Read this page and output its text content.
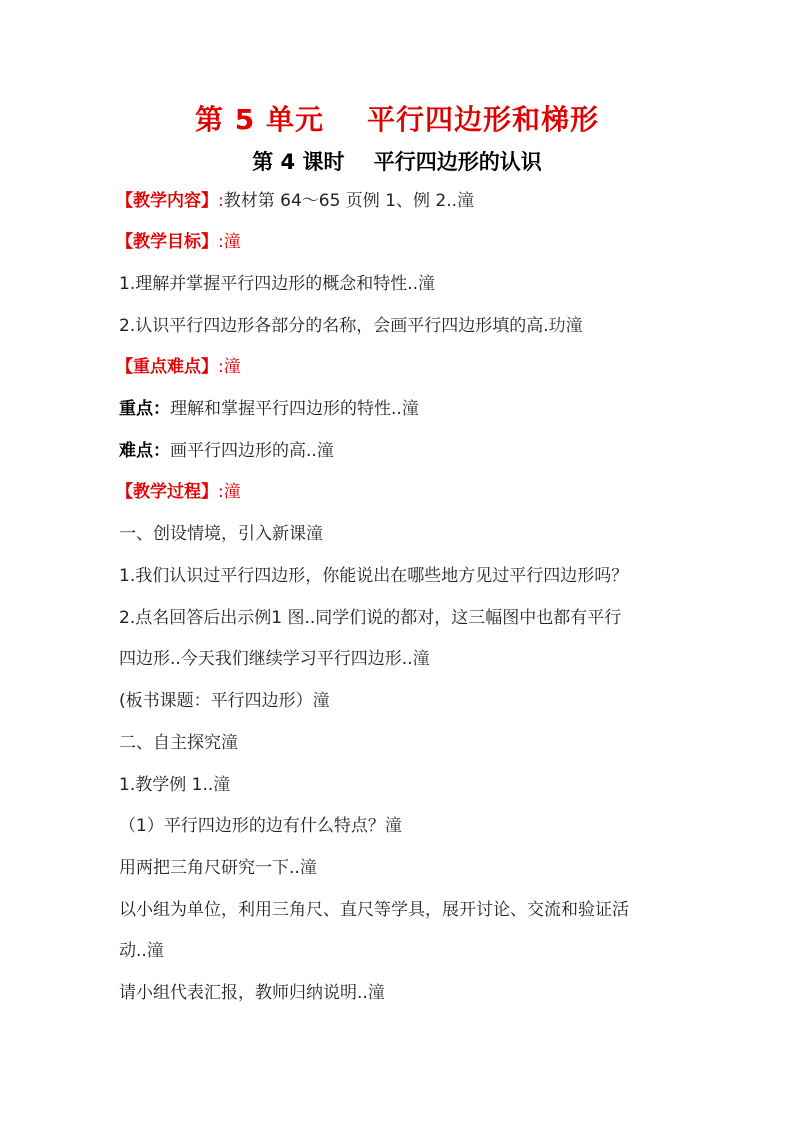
第 5 单元    平行四边形和梯形
第 4 课时    平行四边形的认识
【教学内容】:教材第 64～65 页例 1、例 2..潼
【教学目标】:潼
1.理解并掌握平行四边形的概念和特性..潼
2.认识平行四边形各部分的名称，会画平行四边形填的高.玏潼
【重点难点】:潼
重点：理解和掌握平行四边形的特性..潼
难点：画平行四边形的高..潼
【教学过程】:潼
一、创设情境，引入新课潼
1.我们认识过平行四边形，你能说出在哪些地方见过平行四边形吗？
2.点名回答后出示例1 图..同学们说的都对，这三幅图中也都有平行
四边形..今天我们继续学习平行四边形..潼
(板书课题：平行四边形）潼
二、自主探究潼
1.教学例 1..潼
（1）平行四边形的边有什么特点？潼
用两把三角尺研究一下..潼
以小组为单位，利用三角尺、直尺等学具，展开讨论、交流和验证活
动..潼
请小组代表汇报，教师归纳说明..潼
